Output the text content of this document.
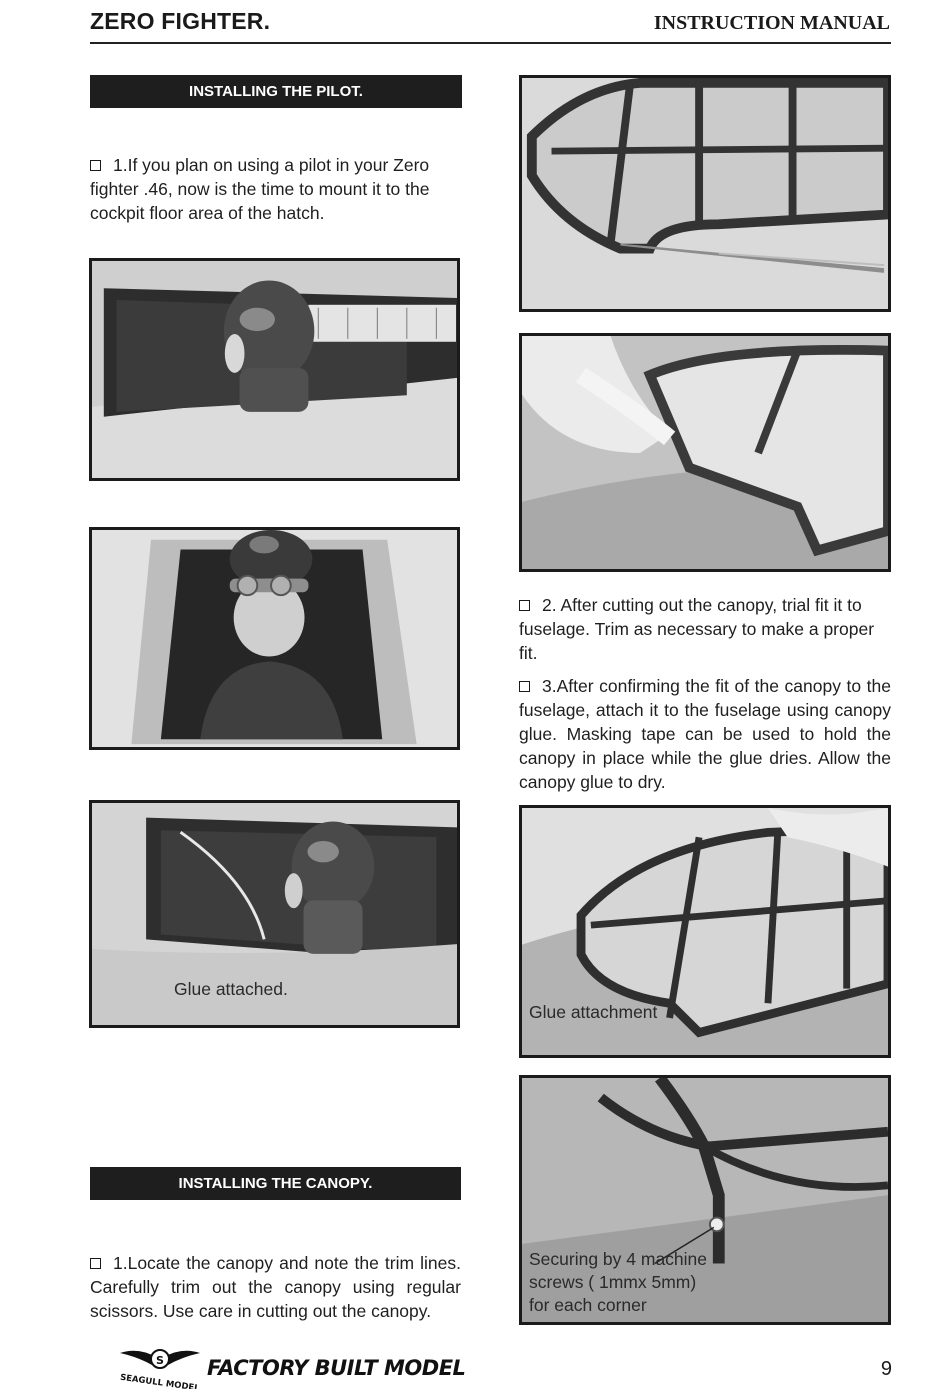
ZERO FIGHTER.	INSTRUCTION MANUAL
INSTALLING THE PILOT.
1.If you plan on using a pilot in your Zero fighter .46, now is the time to mount it to the cockpit floor area of the hatch.
Glue attached.
INSTALLING THE CANOPY.
1.Locate the canopy and note the trim lines. Carefully trim out the canopy using regular scissors. Use care in cutting out the canopy.
2. After cutting out the canopy, trial fit it to fuselage. Trim as necessary to make a proper fit.
3.After confirming the fit of the canopy to the fuselage, attach it to the fuselage using canopy glue. Masking tape can be used to hold the canopy in place while the glue dries. Allow the canopy glue to dry.
Glue attachment
Securing by 4 machine
screws ( 1mmx 5mm)
for each corner
S
SEAGULL MODEL
FACTORY BUILT MODEL	9
